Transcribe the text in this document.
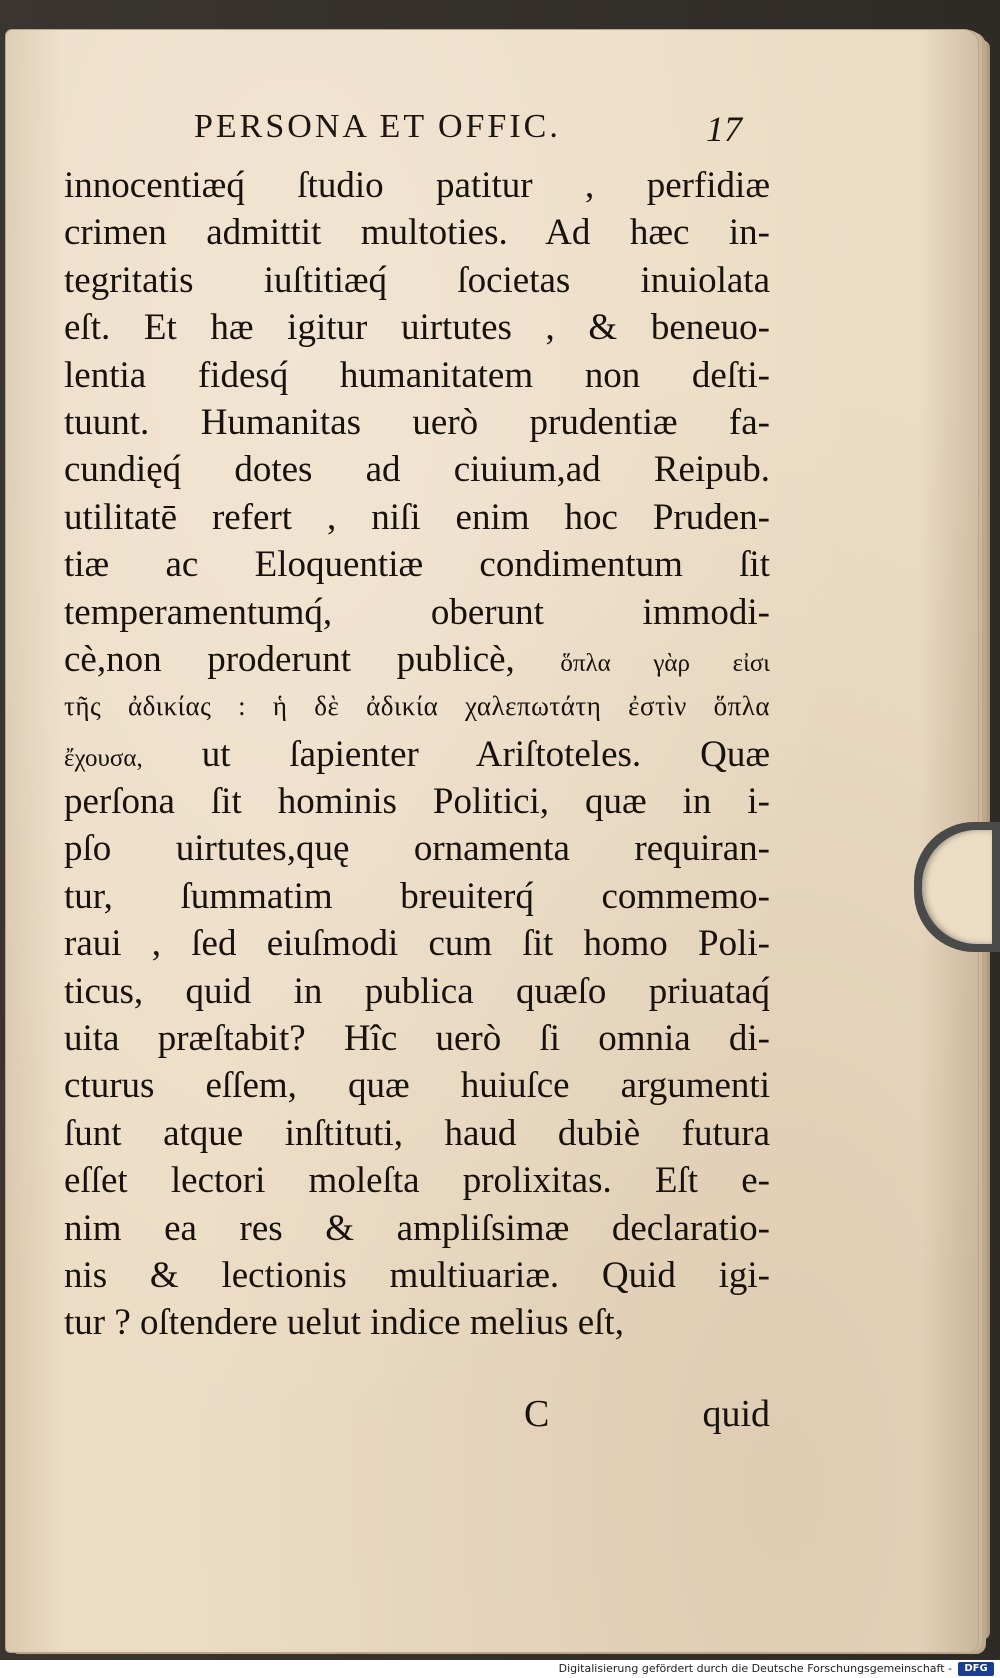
PERSONA ET OFFIC.	17
innocentiæq́ ſtudio patitur , perfidiæ
crimen admittit multoties. Ad hæc in-
tegritatis iuſtitiæq́ ſocietas inuiolata
eſt. Et hæ igitur uirtutes , & beneuo-
lentia fidesq́ humanitatem non deſti-
tuunt. Humanitas uerò prudentiæ fa-
cundięq́ dotes ad ciuium,ad Reipub.
utilitatē refert , niſi enim hoc Pruden-
tiæ ac Eloquentiæ condimentum ſit
temperamentumq́, oberunt immodi-
cè,non proderunt publicè, ὅπλα γὰρ εἰσι
τῆς ἀδικίας : ἡ δὲ ἀδικία χαλεπωτάτη ἐστὶν ὅπλα
ἔχουσα, ut ſapienter Ariſtoteles. Quæ
perſona ſit hominis Politici, quæ in i-
pſo uirtutes,quę ornamenta requiran-
tur, ſummatim breuiterq́ commemo-
raui , ſed eiuſmodi cum ſit homo Poli-
ticus, quid in publica quæſo priuataq́
uita præſtabit? Hîc uerò ſi omnia di-
cturus eſſem, quæ huiuſce argumenti
ſunt atque inſtituti, haud dubiè futura
eſſet lectori moleſta prolixitas. Eſt e-
nim ea res & ampliſsimæ declaratio-
nis & lectionis multiuariæ. Quid igi-
tur ? oſtendere uelut indice melius eſt,
C	quid
Digitalisierung gefördert durch die Deutsche Forschungsgemeinschaft -	DFG
